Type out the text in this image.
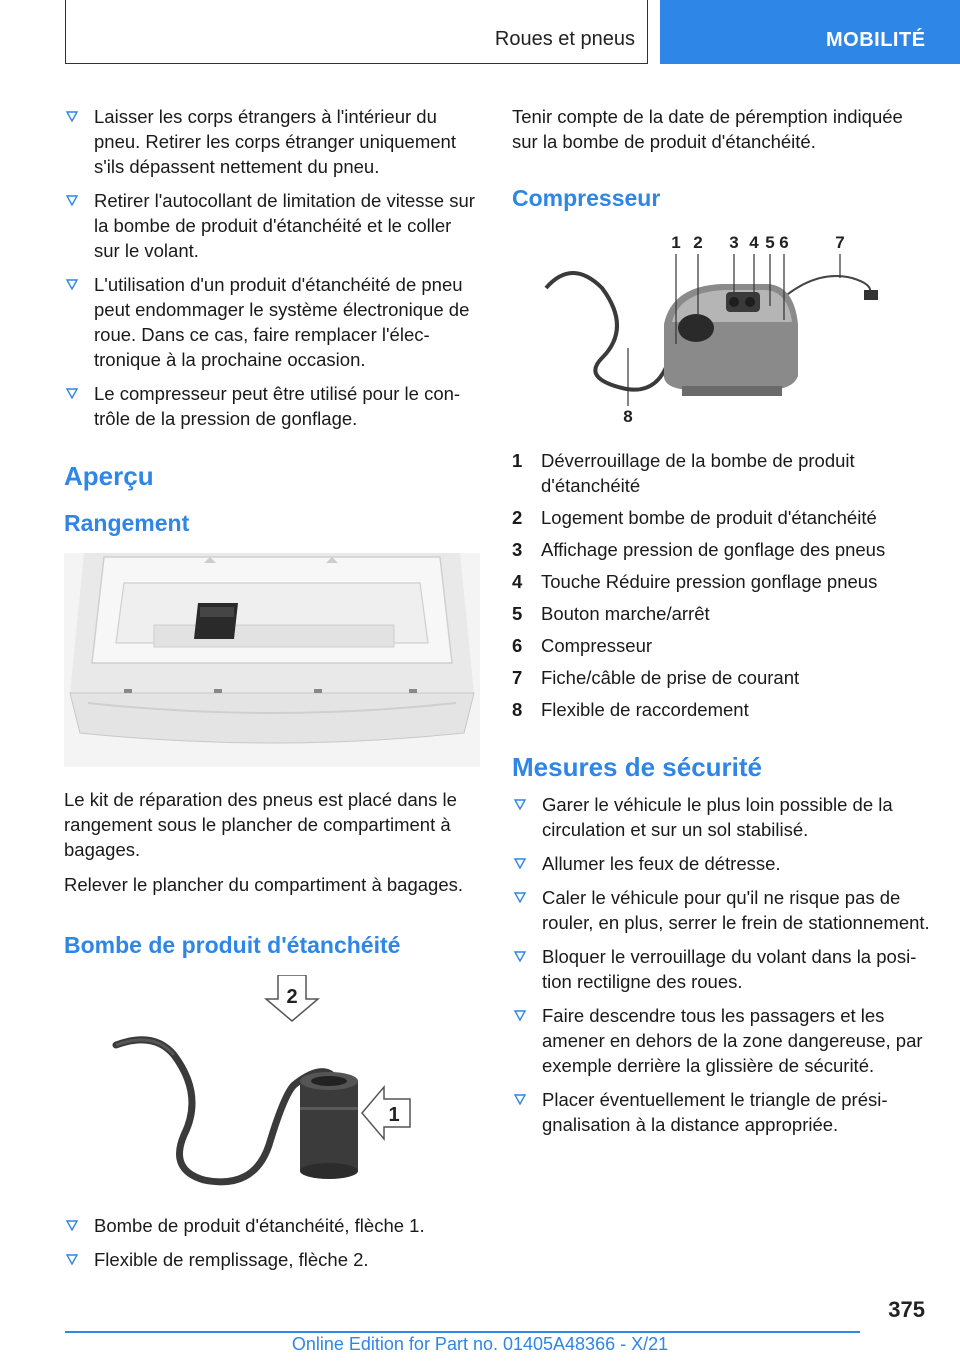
Roues et pneus	MOBILITÉ
Laisser les corps étrangers à l'intérieur du pneu. Retirer les corps étranger uniquement s'ils dépassent nettement du pneu.
Retirer l'autocollant de limitation de vitesse sur la bombe de produit d'étanchéité et le coller sur le volant.
L'utilisation d'un produit d'étanchéité de pneu peut endommager le système électronique de roue. Dans ce cas, faire remplacer l'électronique à la prochaine occasion.
Le compresseur peut être utilisé pour le contrôle de la pression de gonflage.
Aperçu
Rangement

Le kit de réparation des pneus est placé dans le rangement sous le plancher de compartiment à bagages.

Relever le plancher du compartiment à bagages.

Bombe de produit d'étanchéité
2
1
Bombe de produit d'étanchéité, flèche 1.
Flexible de remplissage, flèche 2.

Tenir compte de la date de péremption indiquée sur la bombe de produit d'étanchéité.

Compresseur
1 2 3 4 5 6	7
8
1 Déverrouillage de la bombe de produit d'étanchéité
2 Logement bombe de produit d'étanchéité
3 Affichage pression de gonflage des pneus
4 Touche Réduire pression gonflage pneus
5 Bouton marche/arrêt
6 Compresseur
7 Fiche/câble de prise de courant
8 Flexible de raccordement
Mesures de sécurité
Garer le véhicule le plus loin possible de la circulation et sur un sol stabilisé.
Allumer les feux de détresse.
Caler le véhicule pour qu'il ne risque pas de rouler, en plus, serrer le frein de stationnement.
Bloquer le verrouillage du volant dans la position rectiligne des roues.
Faire descendre tous les passagers et les amener en dehors de la zone dangereuse, par exemple derrière la glissière de sécurité.
Placer éventuellement le triangle de présignalisation à la distance appropriée.
375
Online Edition for Part no. 01405A48366 - X/21
